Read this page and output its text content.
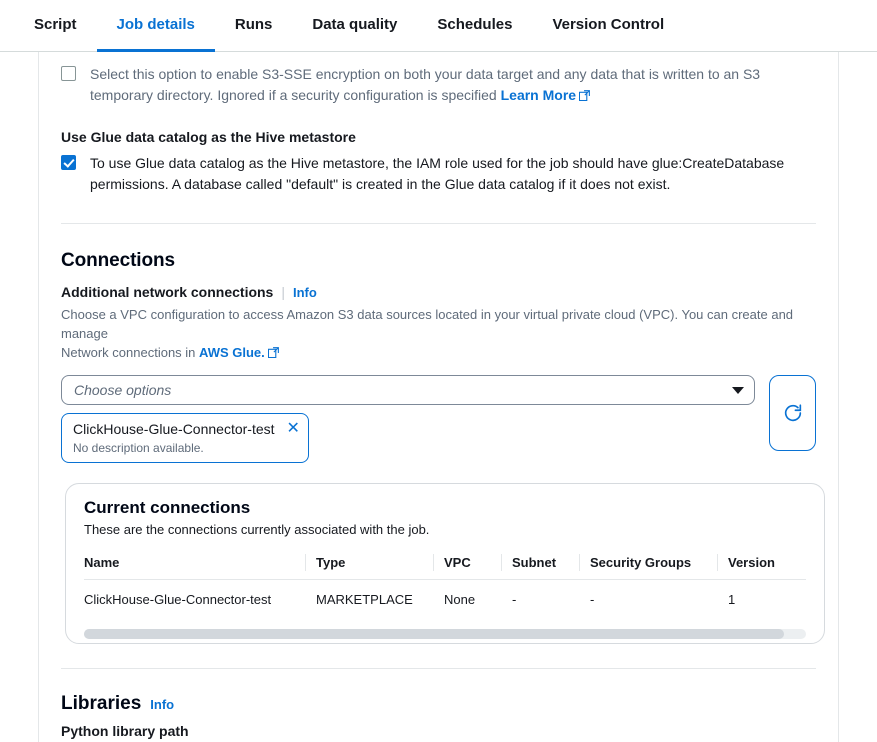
Script	Job details	Runs	Data quality	Schedules	Version Control
Select this option to enable S3-SSE encryption on both your data target and any data that is written to an S3 temporary directory. Ignored if a security configuration is specified Learn More
Use Glue data catalog as the Hive metastore
To use Glue data catalog as the Hive metastore, the IAM role used for the job should have glue:CreateDatabase permissions. A database called "default" is created in the Glue data catalog if it does not exist.
Connections
Additional network connections | Info
Choose a VPC configuration to access Amazon S3 data sources located in your virtual private cloud (VPC). You can create and manage
Network connections in AWS Glue.
Choose options
ClickHouse-Glue-Connector-test
No description available.
✕
Current connections
These are the connections currently associated with the job.
Name	Type	VPC	Subnet	Security Groups	Version
ClickHouse-Glue-Connector-test	MARKETPLACE	None	-	-	1
Libraries Info
Python library path
